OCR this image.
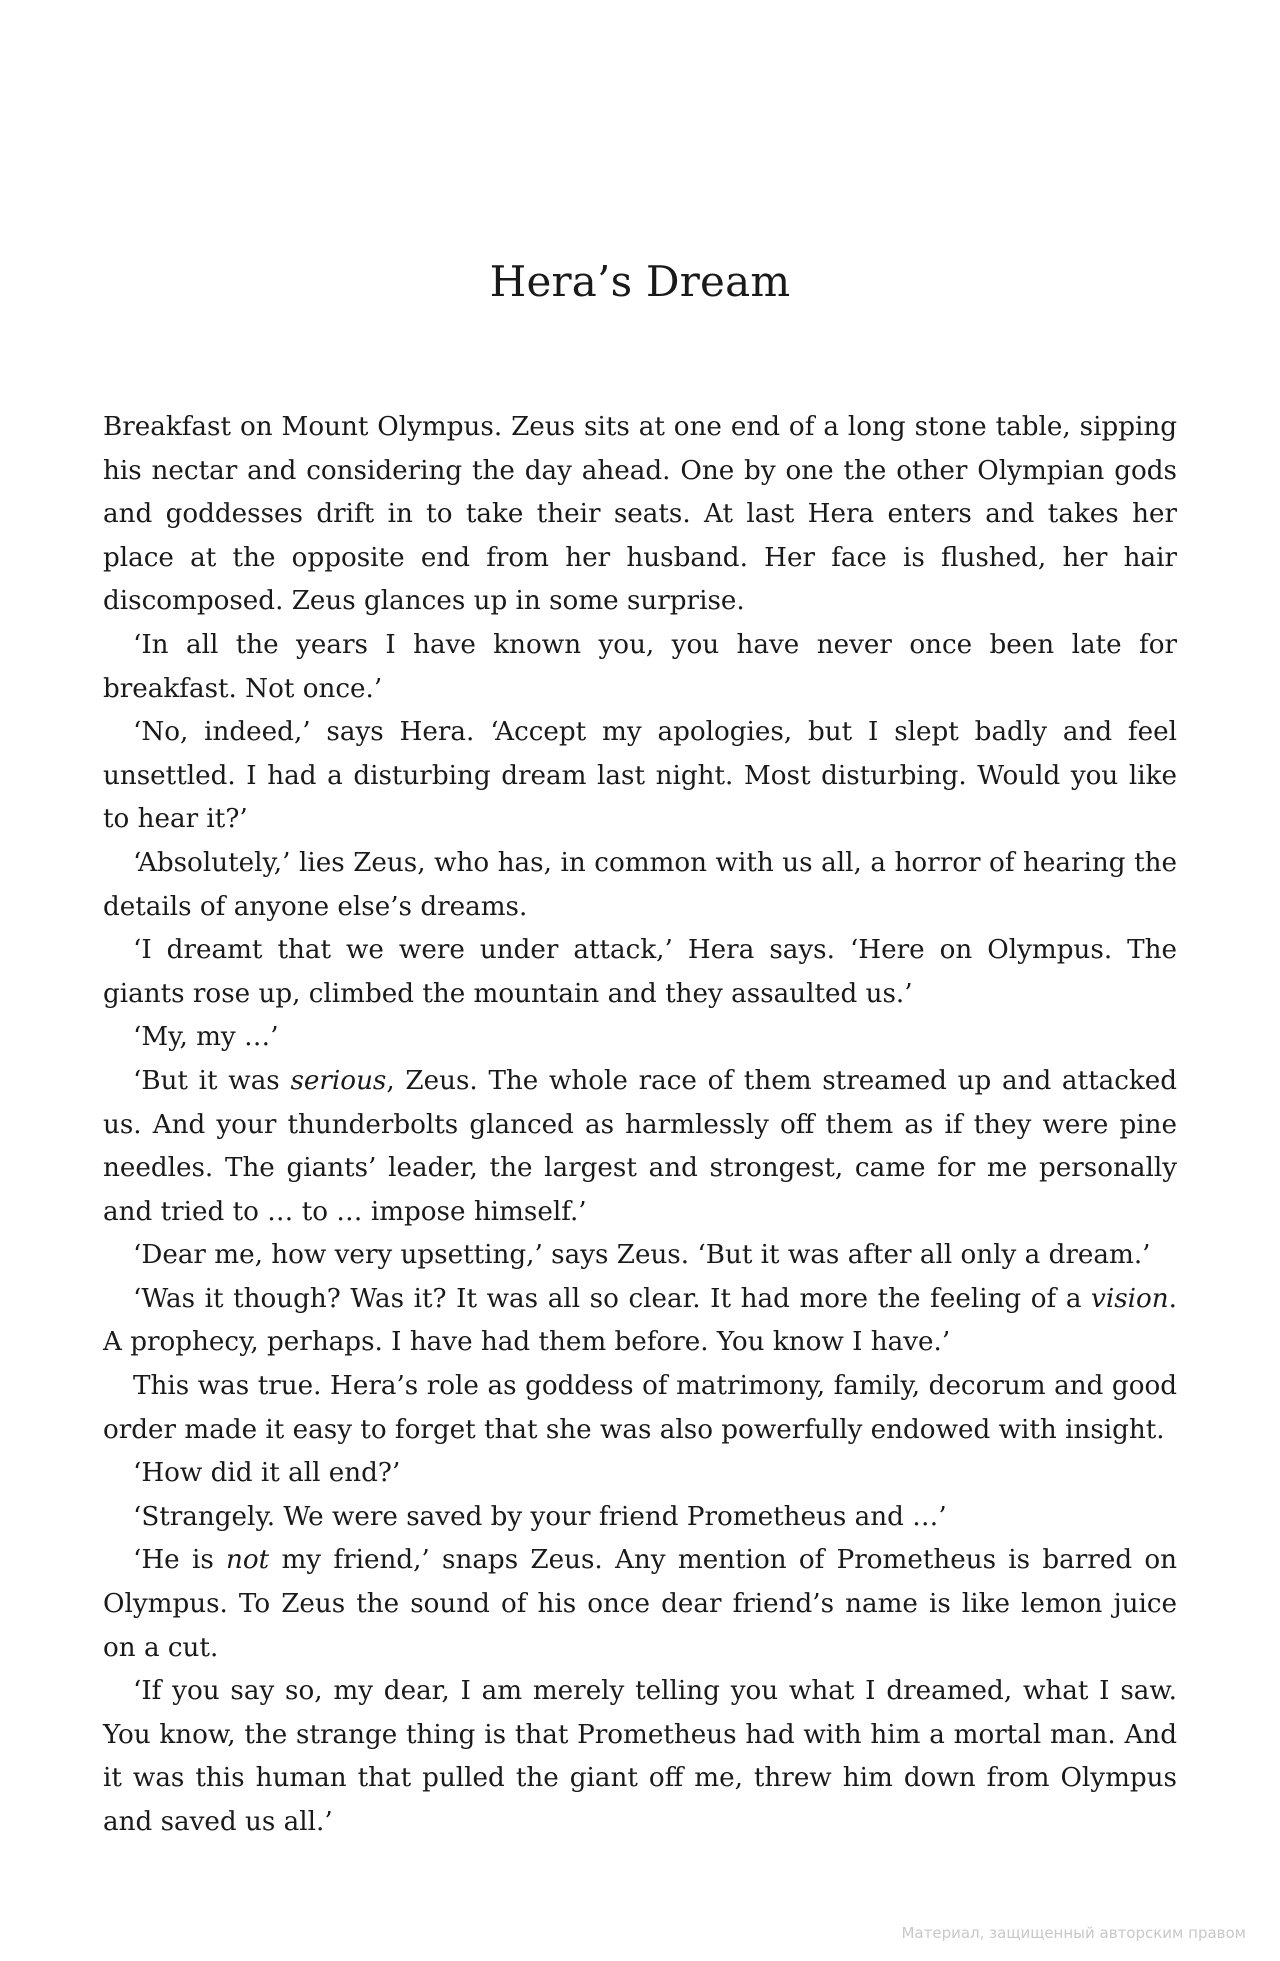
Hera’s Dream

Breakfast on Mount Olympus. Zeus sits at one end of a long stone table, sipping his nectar and considering the day ahead. One by one the other Olympian gods and goddesses drift in to take their seats. At last Hera enters and takes her place at the opposite end from her husband. Her face is flushed, her hair discomposed. Zeus glances up in some surprise.

‘In all the years I have known you, you have never once been late for breakfast. Not once.’

‘No, indeed,’ says Hera. ‘Accept my apologies, but I slept badly and feel unsettled. I had a disturbing dream last night. Most disturbing. Would you like to hear it?’

‘Absolutely,’ lies Zeus, who has, in common with us all, a horror of hearing the details of anyone else’s dreams.

‘I dreamt that we were under attack,’ Hera says. ‘Here on Olympus. The giants rose up, climbed the mountain and they assaulted us.’

‘My, my …’

‘But it was serious, Zeus. The whole race of them streamed up and attacked us. And your thunderbolts glanced as harmlessly off them as if they were pine needles. The giants’ leader, the largest and strongest, came for me personally and tried to … to … impose himself.’

‘Dear me, how very upsetting,’ says Zeus. ‘But it was after all only a dream.’

‘Was it though? Was it? It was all so clear. It had more the feeling of a vision. A prophecy, perhaps. I have had them before. You know I have.’

This was true. Hera’s role as goddess of matrimony, family, decorum and good order made it easy to forget that she was also powerfully endowed with insight.

‘How did it all end?’

‘Strangely. We were saved by your friend Prometheus and …’

‘He is not my friend,’ snaps Zeus. Any mention of Prometheus is barred on Olympus. To Zeus the sound of his once dear friend’s name is like lemon juice on a cut.

‘If you say so, my dear, I am merely telling you what I dreamed, what I saw. You know, the strange thing is that Prometheus had with him a mortal man. And it was this human that pulled the giant off me, threw him down from Olympus and saved us all.’

Материал, защищенный авторским правом
